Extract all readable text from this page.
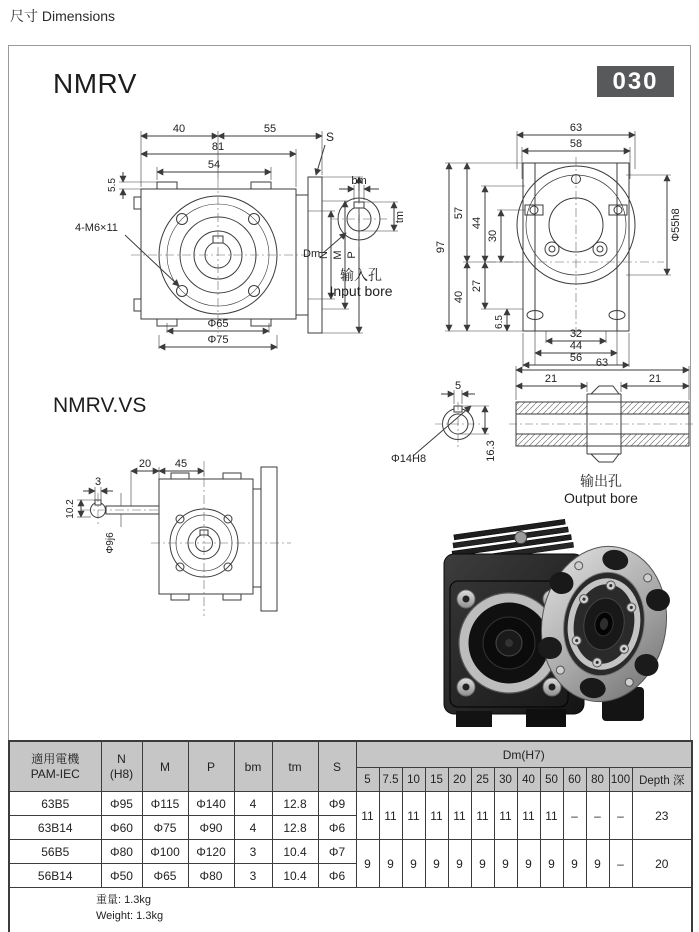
尺寸 Dimensions
NMRV	030
NMRV.VS
40	55
81
54
5.5
S
N M P
4-M6×11
Φ65
Φ75
bm
tm
Dm
输入孔
Input bore
63
58
97
57
40
44
27
30
6.5
Φ55h8
32
44
56
5
16.3
Φ14H8
63
21	21
输出孔
Output bore
3
10.2
Φ9j6
20 45
適用電機
PAM-IEC	N
(H8)	M	P	bm	tm	S	Dm(H7)												
							5	7.5	10	15	20	25	30	40	50	60	80	100	Depth 深
63B5	Φ95	Φ115	Φ140	4	12.8	Φ9	11	11	11	11	11	11	11	11	11	–	–	–	23
63B14	Φ60	Φ75	Φ90	4	12.8	Φ6													
56B5	Φ80	Φ100	Φ120	3	10.4	Φ7	9	9	9	9	9	9	9	9	9	9	9	–	20
56B14	Φ50	Φ65	Φ80	3	10.4	Φ6													
重量: 1.3kg
Weight: 1.3kg																			
